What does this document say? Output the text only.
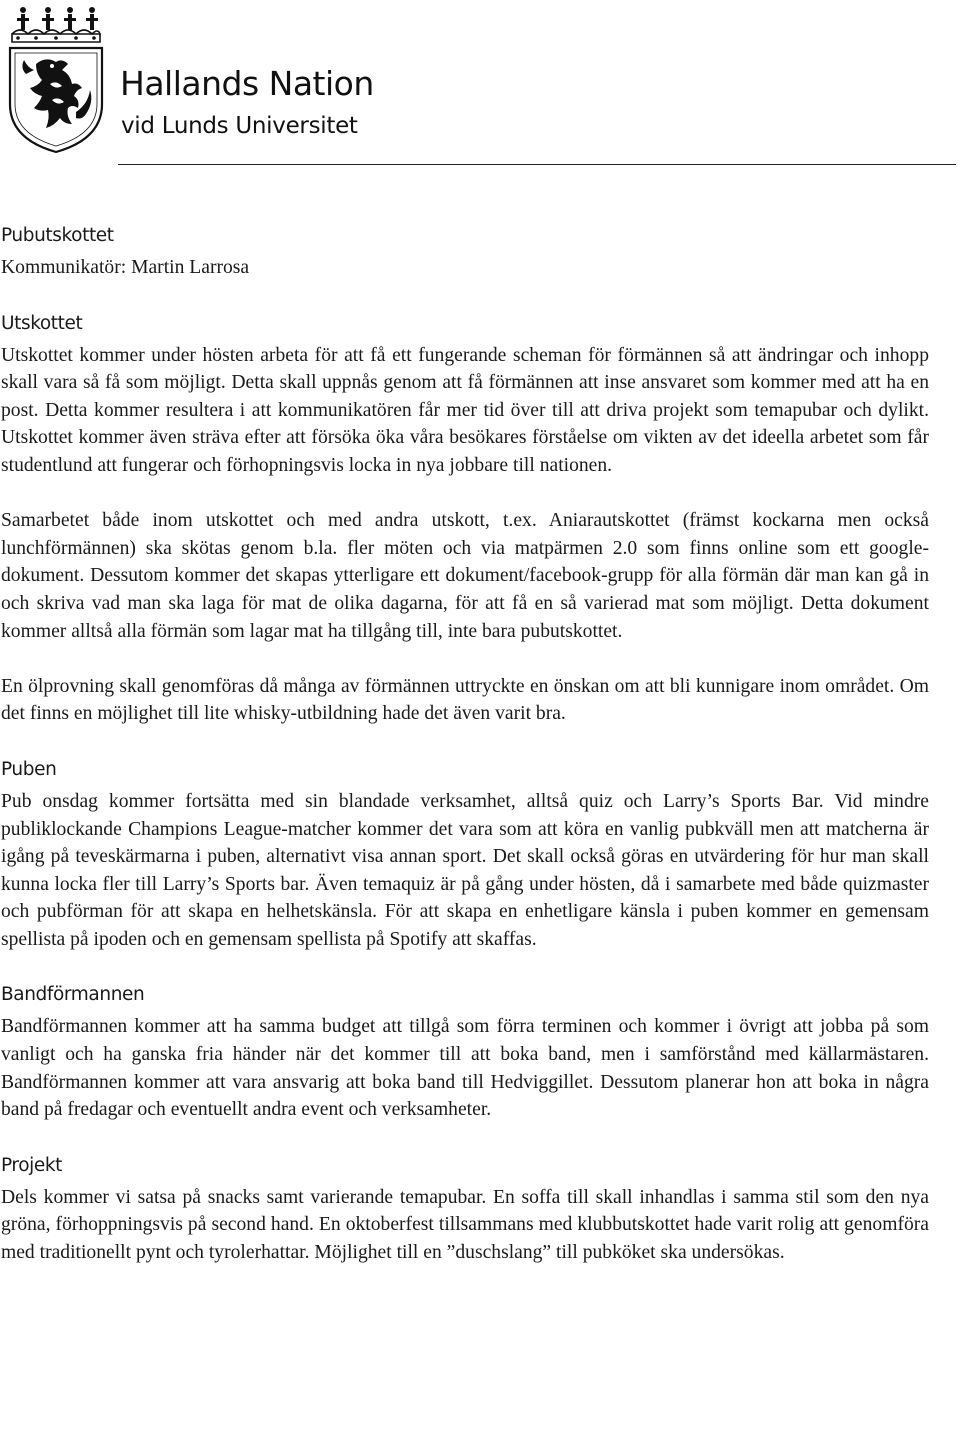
Hallands Nation
vid Lunds Universitet
Pubutskottet

Kommunikatör: Martin Larrosa

Utskottet

Utskottet kommer under hösten arbeta för att få ett fungerande scheman för förmännen så att ändringar och inhopp skall vara så få som möjligt. Detta skall uppnås genom att få förmännen att inse ansvaret som kommer med att ha en post. Detta kommer resultera i att kommunikatören får mer tid över till att driva projekt som temapubar och dylikt. Utskottet kommer även sträva efter att försöka öka våra besökares förståelse om vikten av det ideella arbetet som får studentlund att fungerar och förhopningsvis locka in nya jobbare till nationen.

Samarbetet både inom utskottet och med andra utskott, t.ex. Aniarautskottet (främst kockarna men också lunchförmännen) ska skötas genom b.la. fler möten och via matpärmen 2.0 som finns online som ett google-dokument. Dessutom kommer det skapas ytterligare ett dokument/facebook-grupp för alla förmän där man kan gå in och skriva vad man ska laga för mat de olika dagarna, för att få en så varierad mat som möjligt. Detta dokument kommer alltså alla förmän som lagar mat ha tillgång till, inte bara pubutskottet.

En ölprovning skall genomföras då många av förmännen uttryckte en önskan om att bli kunnigare inom området. Om det finns en möjlighet till lite whisky-utbildning hade det även varit bra.

Puben

Pub onsdag kommer fortsätta med sin blandade verksamhet, alltså quiz och Larry’s Sports Bar. Vid mindre publiklockande Champions League-matcher kommer det vara som att köra en vanlig pubkväll men att matcherna är igång på teveskärmarna i puben, alternativt visa annan sport. Det skall också göras en utvärdering för hur man skall kunna locka fler till Larry’s Sports bar. Även temaquiz är på gång under hösten, då i samarbete med både quizmaster och pubförman för att skapa en helhetskänsla. För att skapa en enhetligare känsla i puben kommer en gemensam spellista på ipoden och en gemensam spellista på Spotify att skaffas.

Bandförmannen

Bandförmannen kommer att ha samma budget att tillgå som förra terminen och kommer i övrigt att jobba på som vanligt och ha ganska fria händer när det kommer till att boka band, men i samförstånd med källarmästaren. Bandförmannen kommer att vara ansvarig att boka band till Hedviggillet. Dessutom planerar hon att boka in några band på fredagar och eventuellt andra event och verksamheter.

Projekt

Dels kommer vi satsa på snacks samt varierande temapubar. En soffa till skall inhandlas i samma stil som den nya gröna, förhoppningsvis på second hand. En oktoberfest tillsammans med klubbutskottet hade varit rolig att genomföra med traditionellt pynt och tyrolerhattar. Möjlighet till en ”duschslang” till pubköket ska undersökas.
